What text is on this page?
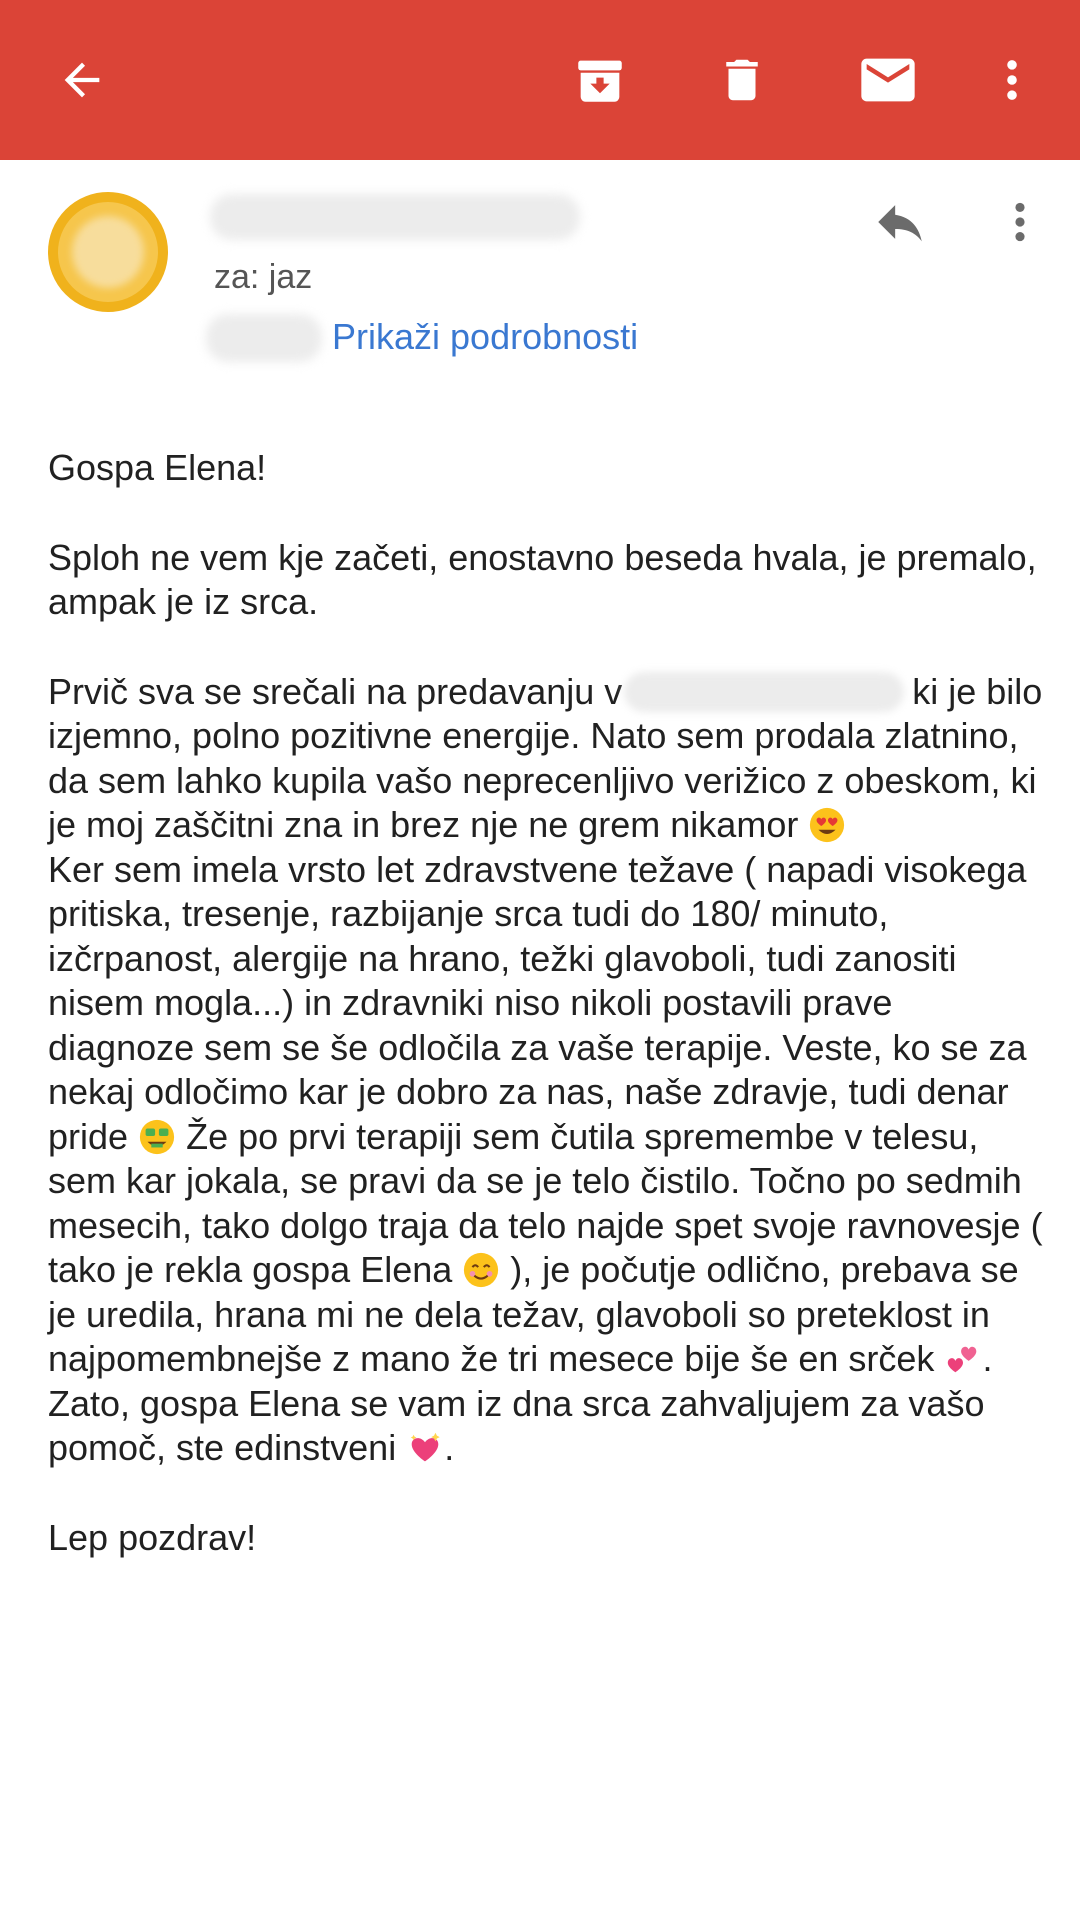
za: jaz
Prikaži podrobnosti

Gospa Elena!

Sploh ne vem kje začeti, enostavno beseda hvala, je premalo, ampak je iz srca.

Prvič sva se srečali na predavanju v	ki je bilo izjemno, polno pozitivne energije. Nato sem prodala zlatnino, da sem lahko kupila vašo neprecenljivo verižico z obeskom, ki je moj zaščitni zna in brez nje ne grem nikamor

Ker sem imela vrsto let zdravstvene težave ( napadi visokega pritiska, tresenje, razbijanje srca tudi do 180/ minuto, izčrpanost, alergije na hrano, težki glavoboli, tudi zanositi nisem mogla...) in zdravniki niso nikoli postavili prave diagnoze sem se še odločila za vaše terapije. Veste, ko se za nekaj odločimo kar je dobro za nas, naše zdravje, tudi denar pride Že po prvi terapiji sem čutila spremembe v telesu, sem kar jokala, se pravi da se je telo čistilo. Točno po sedmih mesecih, tako dolgo traja da telo najde spet svoje ravnovesje ( tako je rekla gospa Elena ), je počutje odlično, prebava se je uredila, hrana mi ne dela težav, glavoboli so preteklost in najpomembnejše z mano že tri mesece bije še en srček .

Zato, gospa Elena se vam iz dna srca zahvaljujem za vašo pomoč, ste edinstveni .

Lep pozdrav!
